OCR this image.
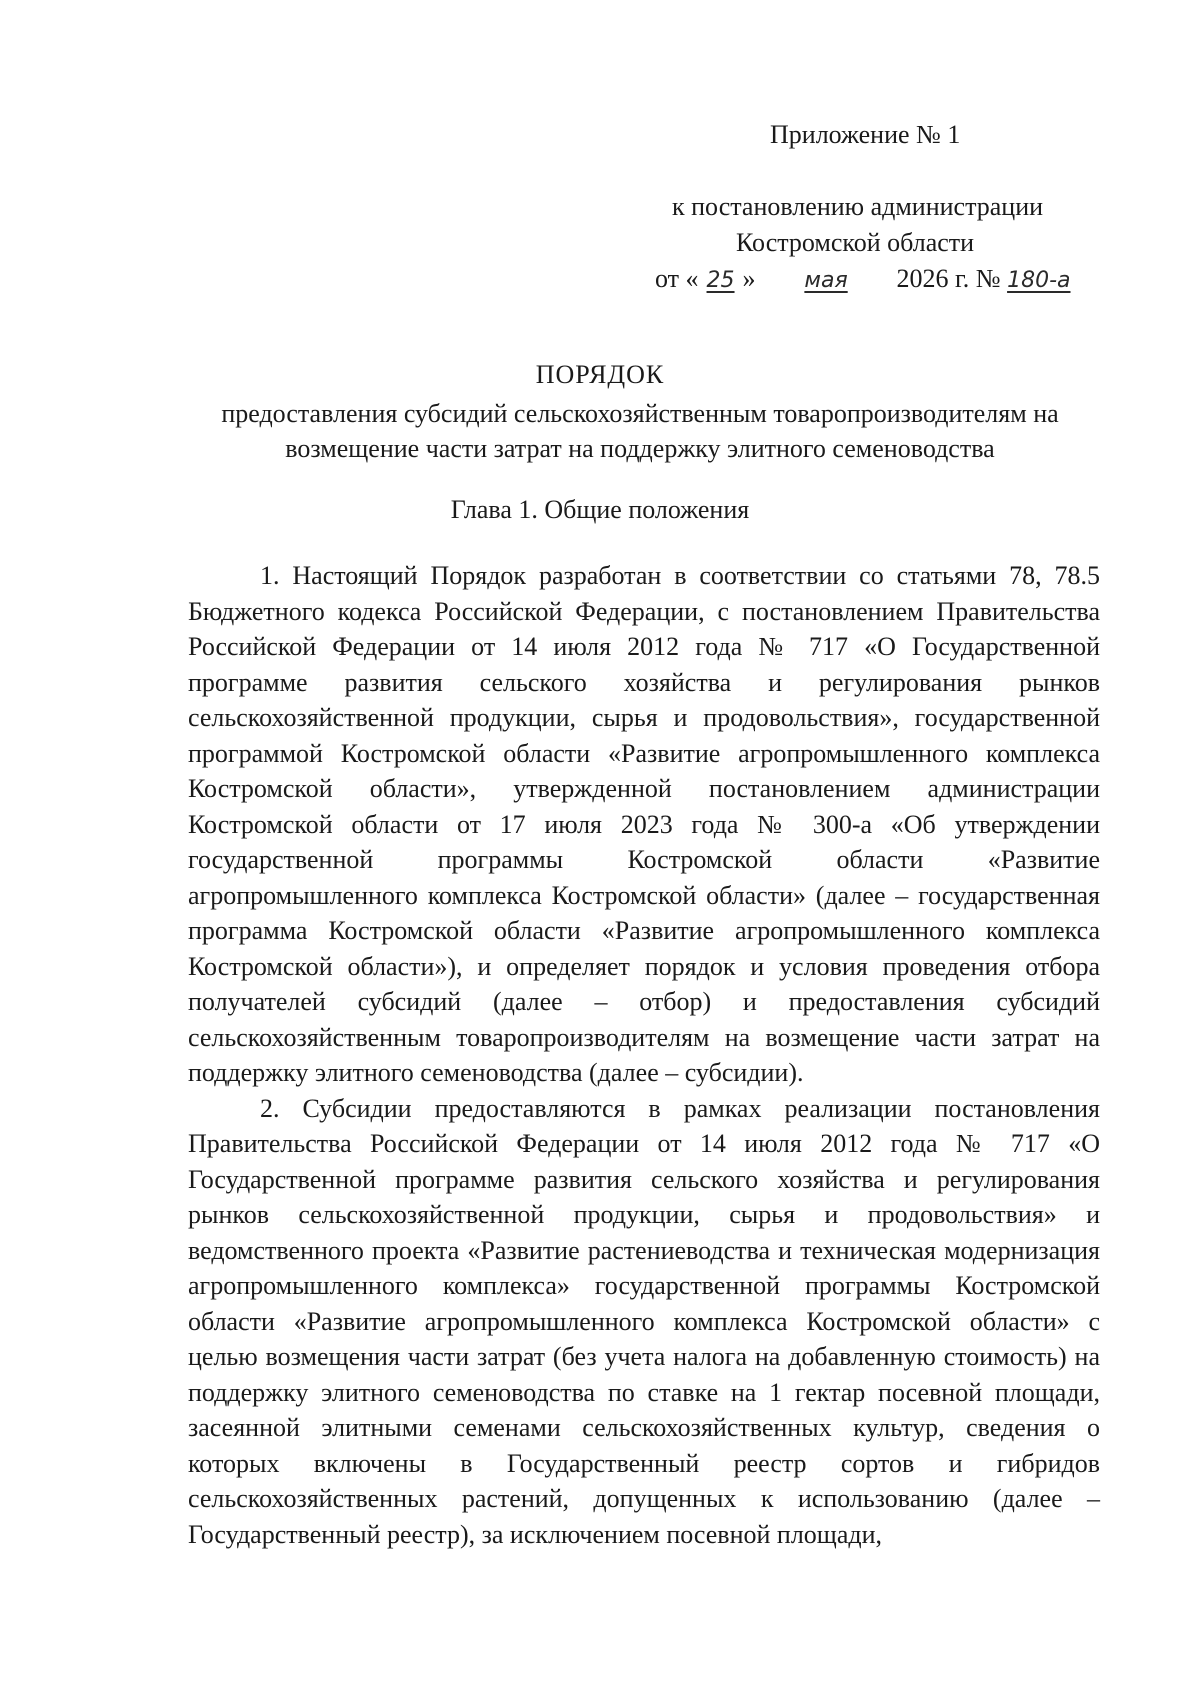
Приложение № 1
к постановлению администрации
Костромской области
от « 25 » мая 2026 г. № 180-а
ПОРЯДОК
предоставления субсидий сельскохозяйственным товаропроизводителям на возмещение части затрат на поддержку элитного семеноводства
Глава 1. Общие положения

1. Настоящий Порядок разработан в соответствии со статьями 78, 78.5 Бюджетного кодекса Российской Федерации, с постановлением Правительства Российской Федерации от 14 июля 2012 года № 717 «О Государственной программе развития сельского хозяйства и регулирования рынков сельскохозяйственной продукции, сырья и продовольствия», государственной программой Костромской области «Развитие агропромышленного комплекса Костромской области», утвержденной постановлением администрации Костромской области от 17 июля 2023 года № 300-а «Об утверждении государственной программы Костромской области «Развитие агропромышленного комплекса Костромской области» (далее – государственная программа Костромской области «Развитие агропромышленного комплекса Костромской области»), и определяет порядок и условия проведения отбора получателей субсидий (далее – отбор) и предоставления субсидий сельскохозяйственным товаропроизводителям на возмещение части затрат на поддержку элитного семеноводства (далее – субсидии).

2. Субсидии предоставляются в рамках реализации постановления Правительства Российской Федерации от 14 июля 2012 года № 717 «О Государственной программе развития сельского хозяйства и регулирования рынков сельскохозяйственной продукции, сырья и продовольствия» и ведомственного проекта «Развитие растениеводства и техническая модернизация агропромышленного комплекса» государственной программы Костромской области «Развитие агропромышленного комплекса Костромской области» с целью возмещения части затрат (без учета налога на добавленную стоимость) на поддержку элитного семеноводства по ставке на 1 гектар посевной площади, засеянной элитными семенами сельскохозяйственных культур, сведения о которых включены в Государственный реестр сортов и гибридов сельскохозяйственных растений, допущенных к использованию (далее – Государственный реестр), за исключением посевной площади,
